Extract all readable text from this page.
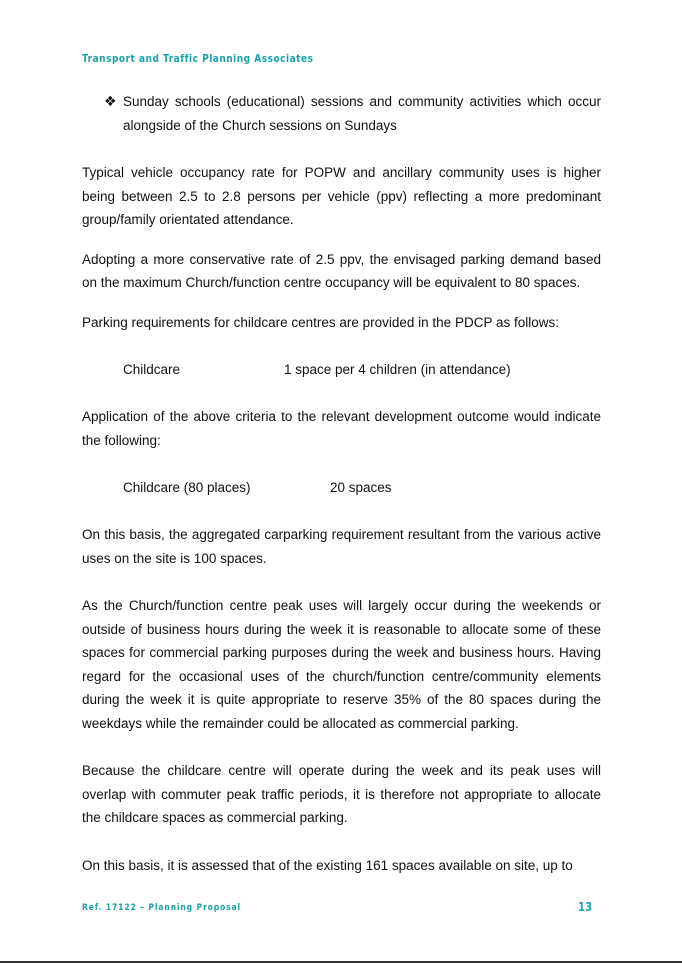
Transport and Traffic Planning Associates
❖ Sunday schools (educational) sessions and community activities which occur alongside of the Church sessions on Sundays

Typical vehicle occupancy rate for POPW and ancillary community uses is higher being between 2.5 to 2.8 persons per vehicle (ppv) reflecting a more predominant group/family orientated attendance.

Adopting a more conservative rate of 2.5 ppv, the envisaged parking demand based on the maximum Church/function centre occupancy will be equivalent to 80 spaces.

Parking requirements for childcare centres are provided in the PDCP as follows:

Childcare	1 space per 4 children (in attendance)

Application of the above criteria to the relevant development outcome would indicate the following:

Childcare (80 places)	20 spaces

On this basis, the aggregated carparking requirement resultant from the various active uses on the site is 100 spaces.

As the Church/function centre peak uses will largely occur during the weekends or outside of business hours during the week it is reasonable to allocate some of these spaces for commercial parking purposes during the week and business hours. Having regard for the occasional uses of the church/function centre/community elements during the week it is quite appropriate to reserve 35% of the 80 spaces during the weekdays while the remainder could be allocated as commercial parking.

Because the childcare centre will operate during the week and its peak uses will overlap with commuter peak traffic periods, it is therefore not appropriate to allocate the childcare spaces as commercial parking.

On this basis, it is assessed that of the existing 161 spaces available on site, up to

Ref. 17122 – Planning Proposal	13
